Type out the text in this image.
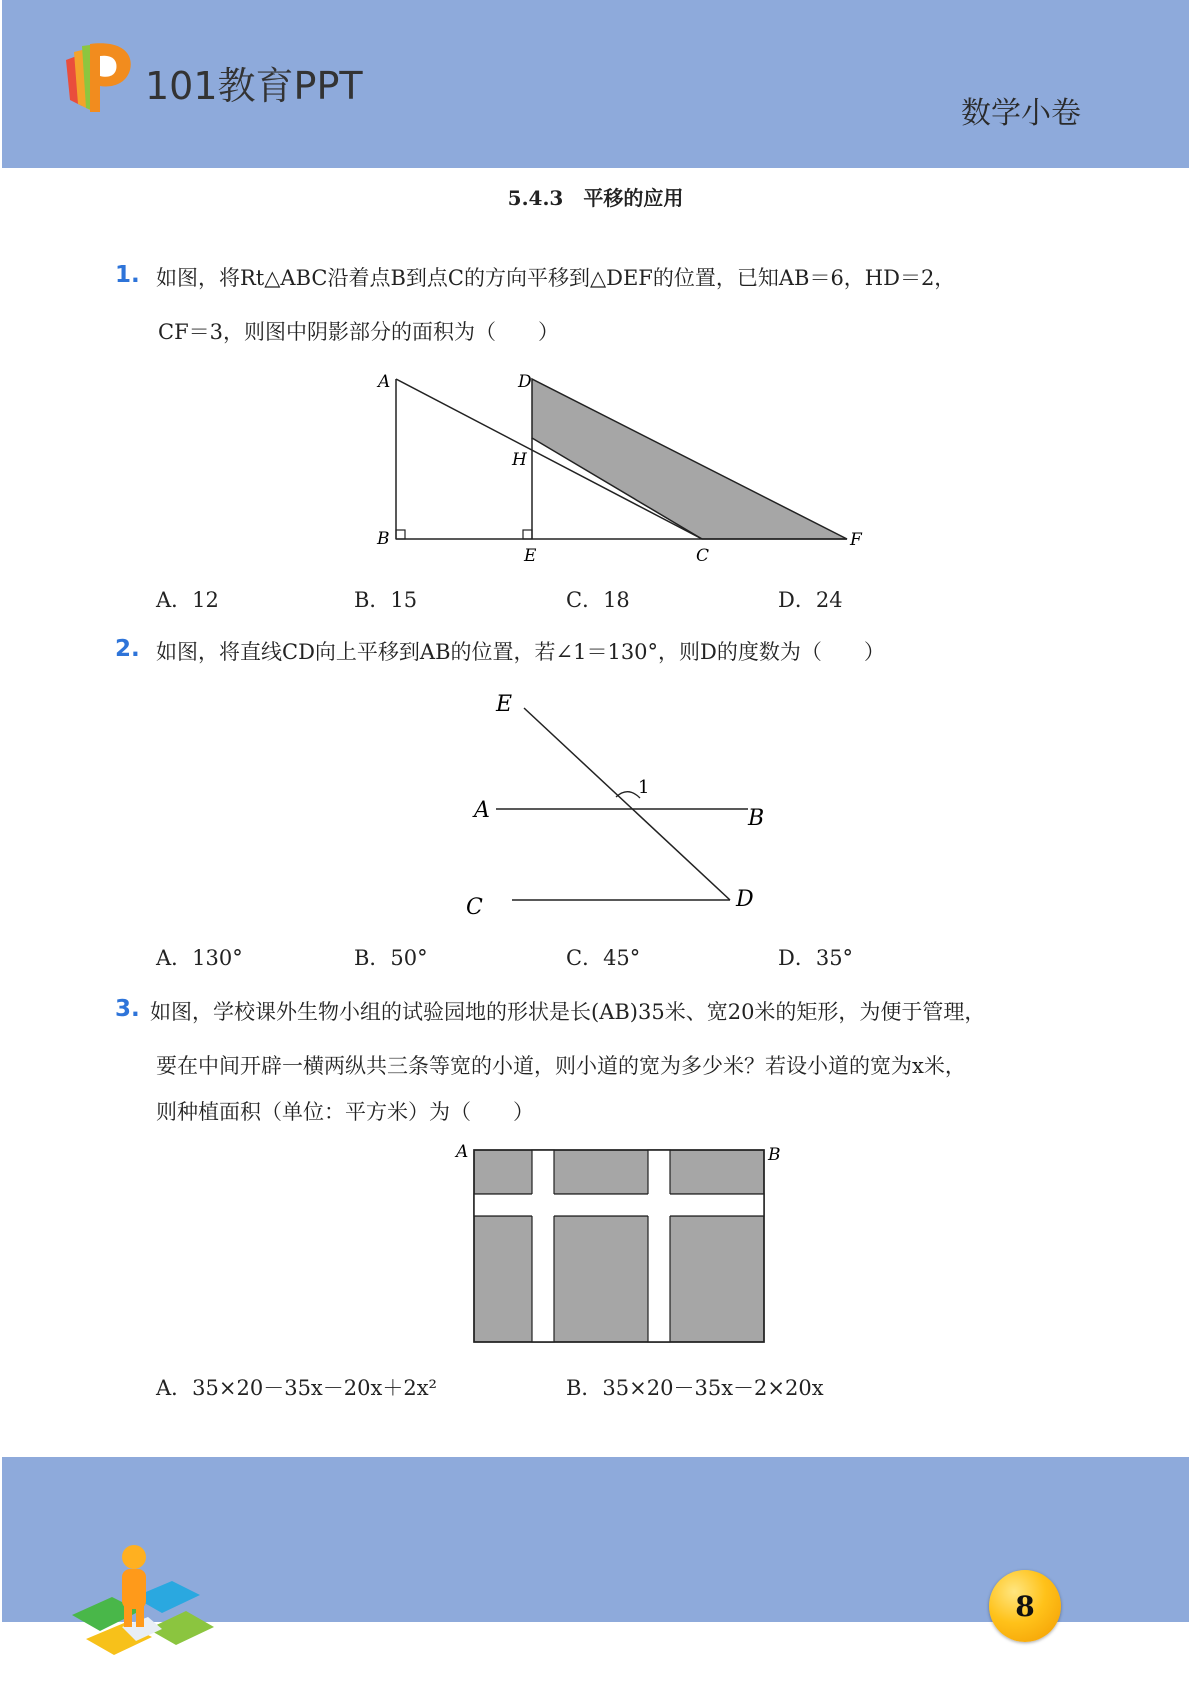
101教育PPT
数学小卷
5.4.3　平移的应用
1. 如图，将Rt△ABC沿着点B到点C的方向平移到△DEF的位置，已知AB＝6，HD＝2，
CF＝3，则图中阴影部分的面积为（　　）
A
B
D
H
E	C
F
A．12	B．15	C．18	D．24
2. 如图，将直线CD向上平移到AB的位置，若∠1＝130°，则D的度数为（　　）
E
A	B
C	D
1
A．130°	B．50°	C．45°	D．35°
3. 如图，学校课外生物小组的试验园地的形状是长(AB)35米、宽20米的矩形，为便于管理，
要在中间开辟一横两纵共三条等宽的小道，则小道的宽为多少米？若设小道的宽为x米，
则种植面积（单位：平方米）为（　　）
A	B
A．35×20－35x－20x＋2x²	B．35×20－35x－2×20x
8
